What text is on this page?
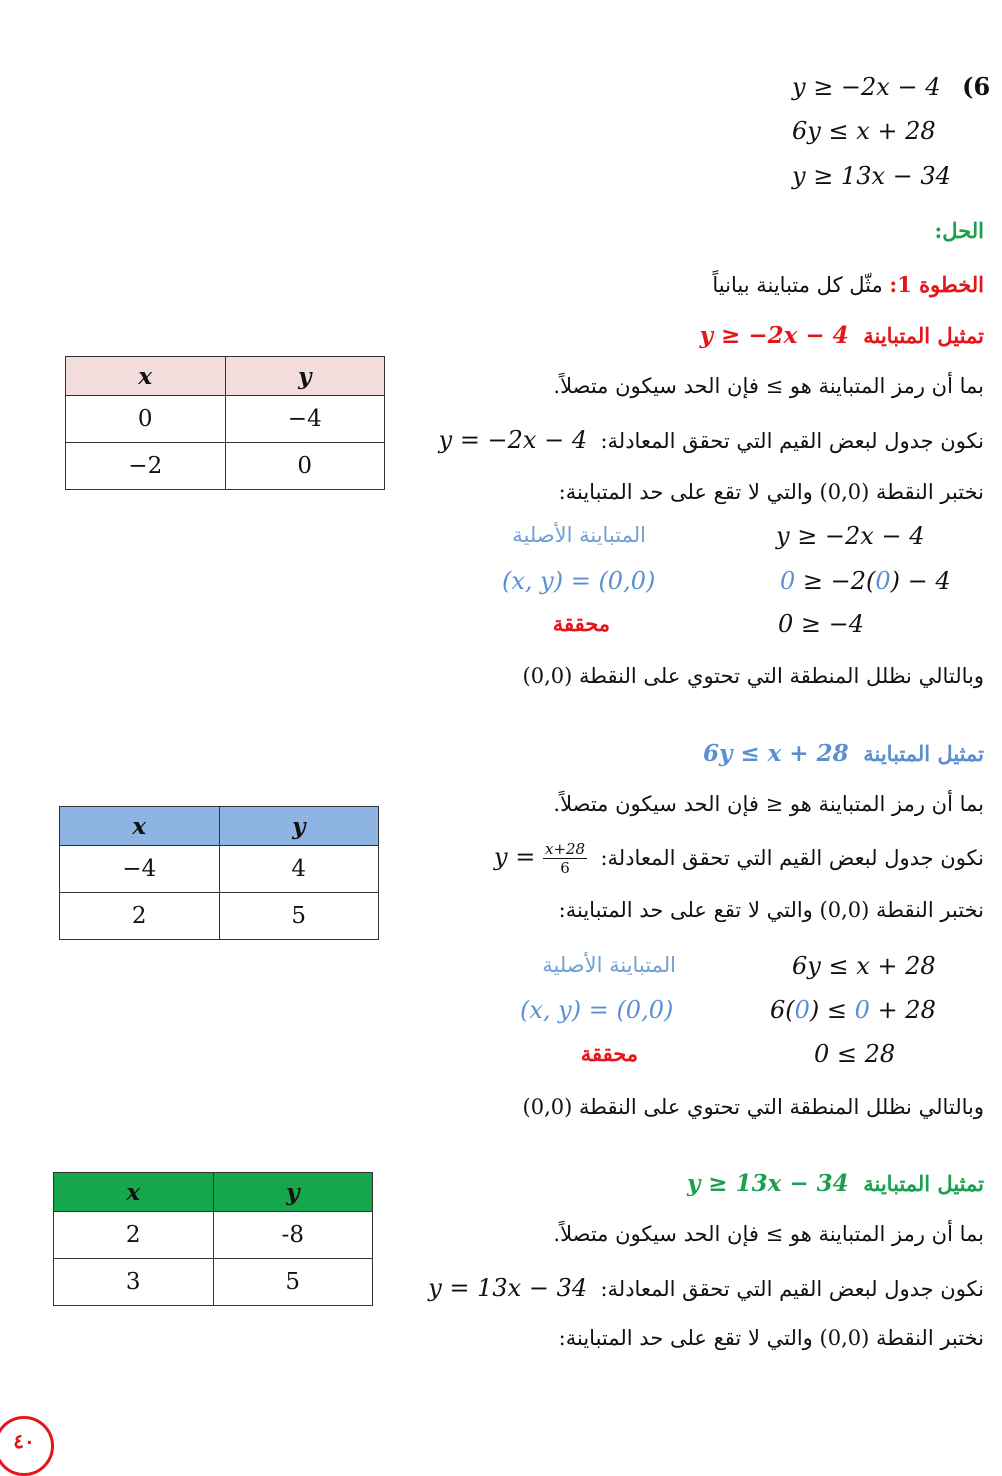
y ≥ −2x − 4 (6
6y ≤ x + 28
y ≥ 13x − 34
الحل:
الخطوة 1: مثّل كل متباينة بيانياً
تمثيل المتباينة  y ≥ −2x − 4
بما أن رمز المتباينة هو ≥ فإن الحد سيكون متصلاً.
نكون جدول لبعض القيم التي تحقق المعادلة:  y = −2x − 4
نختبر النقطة (0,0) والتي لا تقع على حد المتباينة:
المتباينة الأصلية	y ≥ −2x − 4
(x, y) = (0,0)	0 ≥ −2(0) − 4
محققة	0 ≥ −4
وبالتالي نظلل المنطقة التي تحتوي على النقطة (0,0)
x	y
0	−4
−2	0
تمثيل المتباينة  6y ≤ x + 28
بما أن رمز المتباينة هو ≤ فإن الحد سيكون متصلاً.
نكون جدول لبعض القيم التي تحقق المعادلة:  $y = \frac{x+28}{6}$
نختبر النقطة (0,0) والتي لا تقع على حد المتباينة:
المتباينة الأصلية	6y ≤ x + 28
(x, y) = (0,0)	6(0) ≤ 0 + 28
محققة	0 ≤ 28
وبالتالي نظلل المنطقة التي تحتوي على النقطة (0,0)
x	y
−4	4
2	5
تمثيل المتباينة  y ≥ 13x − 34
بما أن رمز المتباينة هو ≥ فإن الحد سيكون متصلاً.
نكون جدول لبعض القيم التي تحقق المعادلة:  y = 13x − 34
نختبر النقطة (0,0) والتي لا تقع على حد المتباينة:
x	y
2	-8
3	5
٤٠
